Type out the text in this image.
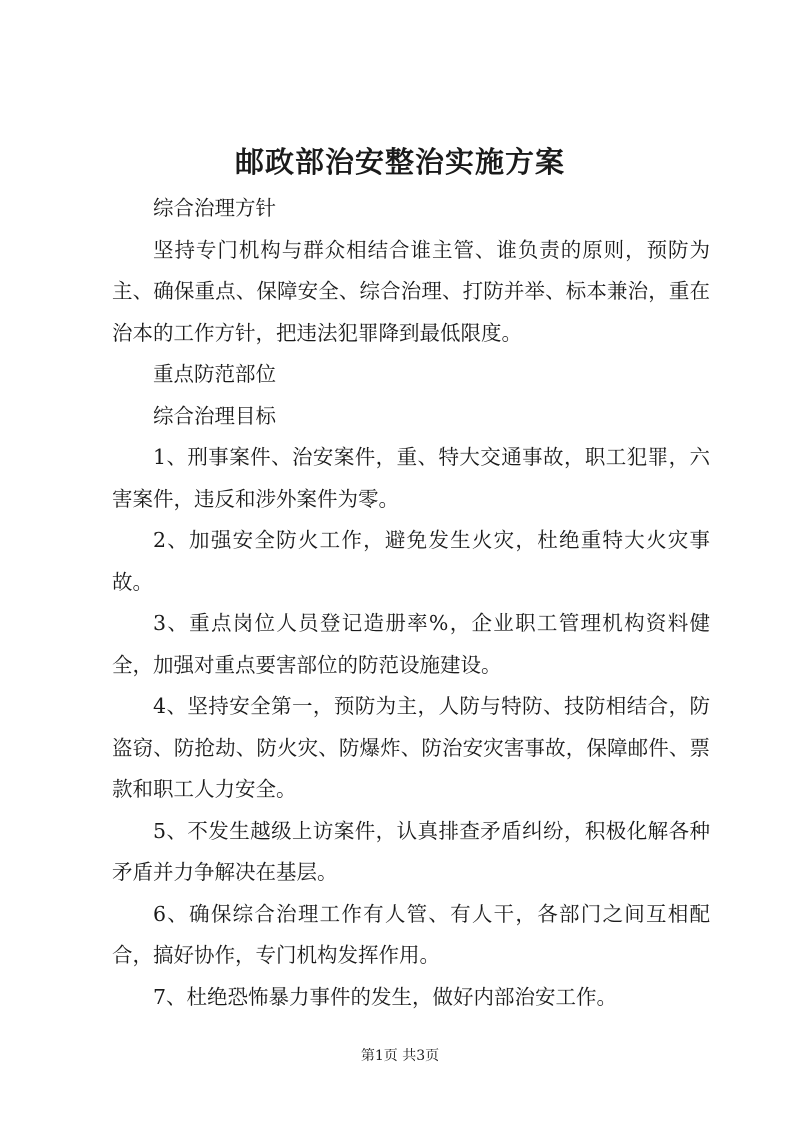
邮政部治安整治实施方案

综合治理方针

坚持专门机构与群众相结合谁主管、谁负责的原则，预防为主、确保重点、保障安全、综合治理、打防并举、标本兼治，重在治本的工作方针，把违法犯罪降到最低限度。

重点防范部位

综合治理目标

1、刑事案件、治安案件，重、特大交通事故，职工犯罪，六害案件，违反和涉外案件为零。

2、加强安全防火工作，避免发生火灾，杜绝重特大火灾事故。

3、重点岗位人员登记造册率%，企业职工管理机构资料健全，加强对重点要害部位的防范设施建设。

4、坚持安全第一，预防为主，人防与特防、技防相结合，防盗窃、防抢劫、防火灾、防爆炸、防治安灾害事故，保障邮件、票款和职工人力安全。

5、不发生越级上访案件，认真排查矛盾纠纷，积极化解各种矛盾并力争解决在基层。

6、确保综合治理工作有人管、有人干，各部门之间互相配合，搞好协作，专门机构发挥作用。

7、杜绝恐怖暴力事件的发生，做好内部治安工作。

第1页 共3页
